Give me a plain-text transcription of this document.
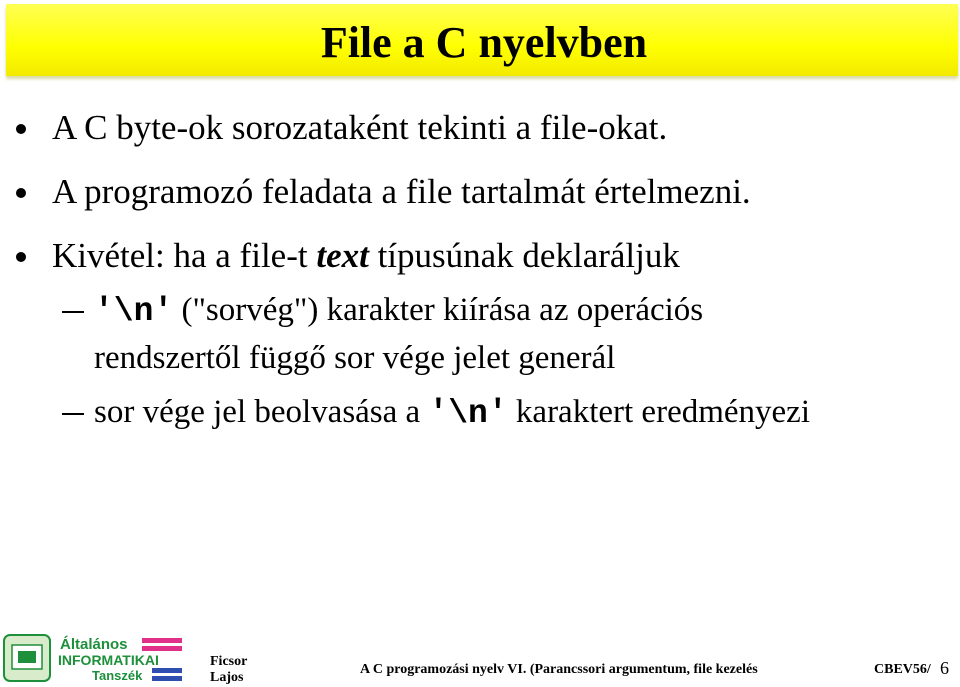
File a C nyelvben
A C byte-ok sorozataként tekinti a file-okat.
A programozó feladata a file tartalmát értelmezni.
Kivétel: ha a file-t text típusúnak deklaráljuk
'\n' ("sorvég") karakter kiírása az operációs
rendszertől függő sor vége jelet generál
sor vége jel beolvasása a '\n' karaktert eredményezi
Általános
INFORMATIKAI
Tanszék
Ficsor
Lajos
A C programozási nyelv VI. (Parancssori argumentum, file kezelés	CBEV56/ 6
